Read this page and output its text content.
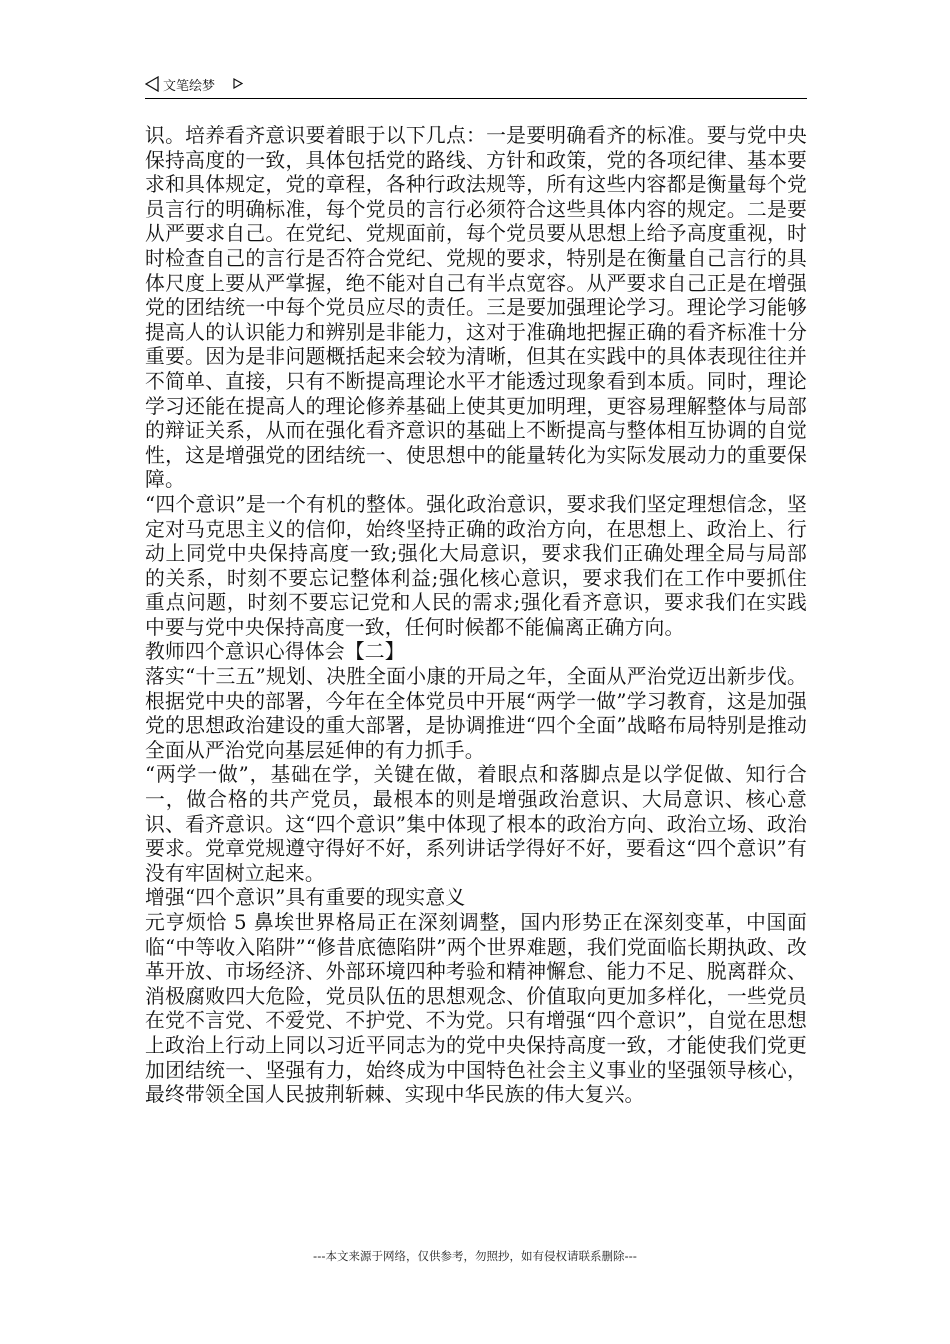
文笔绘梦

识。培养看齐意识要着眼于以下几点：一是要明确看齐的标准。要与党中央保持高度的一致，具体包括党的路线、方针和政策，党的各项纪律、基本要求和具体规定，党的章程，各种行政法规等，所有这些内容都是衡量每个党员言行的明确标准，每个党员的言行必须符合这些具体内容的规定。二是要从严要求自己。在党纪、党规面前，每个党员要从思想上给予高度重视，时时检查自己的言行是否符合党纪、党规的要求，特别是在衡量自己言行的具体尺度上要从严掌握，绝不能对自己有半点宽容。从严要求自己正是在增强党的团结统一中每个党员应尽的责任。三是要加强理论学习。理论学习能够提高人的认识能力和辨别是非能力，这对于准确地把握正确的看齐标准十分重要。因为是非问题概括起来会较为清晰，但其在实践中的具体表现往往并不简单、直接，只有不断提高理论水平才能透过现象看到本质。同时，理论学习还能在提高人的理论修养基础上使其更加明理，更容易理解整体与局部的辩证关系，从而在强化看齐意识的基础上不断提高与整体相互协调的自觉性，这是增强党的团结统一、使思想中的能量转化为实际发展动力的重要保障。

“四个意识”是一个有机的整体。强化政治意识，要求我们坚定理想信念，坚定对马克思主义的信仰，始终坚持正确的政治方向，在思想上、政治上、行动上同党中央保持高度一致;强化大局意识，要求我们正确处理全局与局部的关系，时刻不要忘记整体利益;强化核心意识，要求我们在工作中要抓住重点问题，时刻不要忘记党和人民的需求;强化看齐意识，要求我们在实践中要与党中央保持高度一致，任何时候都不能偏离正确方向。

教师四个意识心得体会【二】

落实“十三五”规划、决胜全面小康的开局之年，全面从严治党迈出新步伐。根据党中央的部署，今年在全体党员中开展“两学一做”学习教育，这是加强党的思想政治建设的重大部署，是协调推进“四个全面”战略布局特别是推动全面从严治党向基层延伸的有力抓手。

“两学一做”，基础在学，关键在做，着眼点和落脚点是以学促做、知行合一，做合格的共产党员，最根本的则是增强政治意识、大局意识、核心意识、看齐意识。这“四个意识”集中体现了根本的政治方向、政治立场、政治要求。党章党规遵守得好不好，系列讲话学得好不好，要看这“四个意识”有没有牢固树立起来。

增强“四个意识”具有重要的现实意义

元亨烦恰 5 鼻埃世界格局正在深刻调整，国内形势正在深刻变革，中国面临“中等收入陷阱”“修昔底德陷阱”两个世界难题，我们党面临长期执政、改革开放、市场经济、外部环境四种考验和精神懈怠、能力不足、脱离群众、消极腐败四大危险，党员队伍的思想观念、价值取向更加多样化，一些党员在党不言党、不爱党、不护党、不为党。只有增强“四个意识”，自觉在思想上政治上行动上同以习近平同志为的党中央保持高度一致，才能使我们党更加团结统一、坚强有力，始终成为中国特色社会主义事业的坚强领导核心，最终带领全国人民披荆斩棘、实现中华民族的伟大复兴。

---本文来源于网络，仅供参考，勿照抄，如有侵权请联系删除---
